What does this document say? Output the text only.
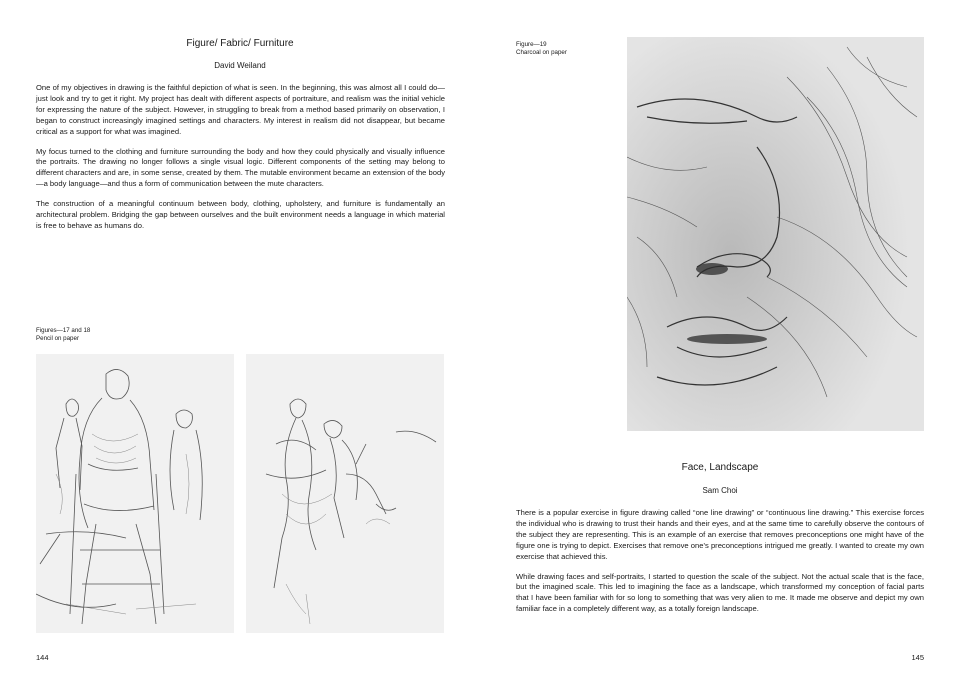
Figure/ Fabric/ Furniture
David Weiland

One of my objectives in drawing is the faithful depiction of what is seen. In the beginning, this was almost all I could do—just look and try to get it right. My project has dealt with different aspects of portraiture, and realism was the initial vehicle for expressing the nature of the subject. However, in struggling to break from a method based primarily on observation, I began to construct increasingly imagined settings and characters. My interest in realism did not disappear, but became critical as a support for what was imagined.

My focus turned to the clothing and furniture surrounding the body and how they could physically and visually influence the portraits. The drawing no longer follows a single visual logic. Different components of the setting may belong to different characters and are, in some sense, created by them. The mutable environment became an extension of the body—a body language—and thus a form of communication between the mute characters.

The construction of a meaningful continuum between body, clothing, upholstery, and furniture is fundamentally an architectural problem. Bridging the gap between ourselves and the built environment needs a language in which material is free to behave as humans do.

Figures—17 and 18
Pencil on paper
144
Figure—19
Charcoal on paper
Face, Landscape
Sam Choi

There is a popular exercise in figure drawing called “one line drawing” or “continuous line drawing.” This exercise forces the individual who is drawing to trust their hands and their eyes, and at the same time to carefully observe the contours of the subject they are representing. This is an example of an exercise that removes preconceptions one might have of the figure one is trying to depict. Exercises that remove one’s preconceptions intrigued me greatly. I wanted to create my own exercise that achieved this.

While drawing faces and self-portraits, I started to question the scale of the subject. Not the actual scale that is the face, but the imagined scale. This led to imagining the face as a landscape, which transformed my conception of facial parts that I have been familiar with for so long to something that was very alien to me. It made me observe and depict my own familiar face in a completely different way, as a totally foreign landscape.

145
